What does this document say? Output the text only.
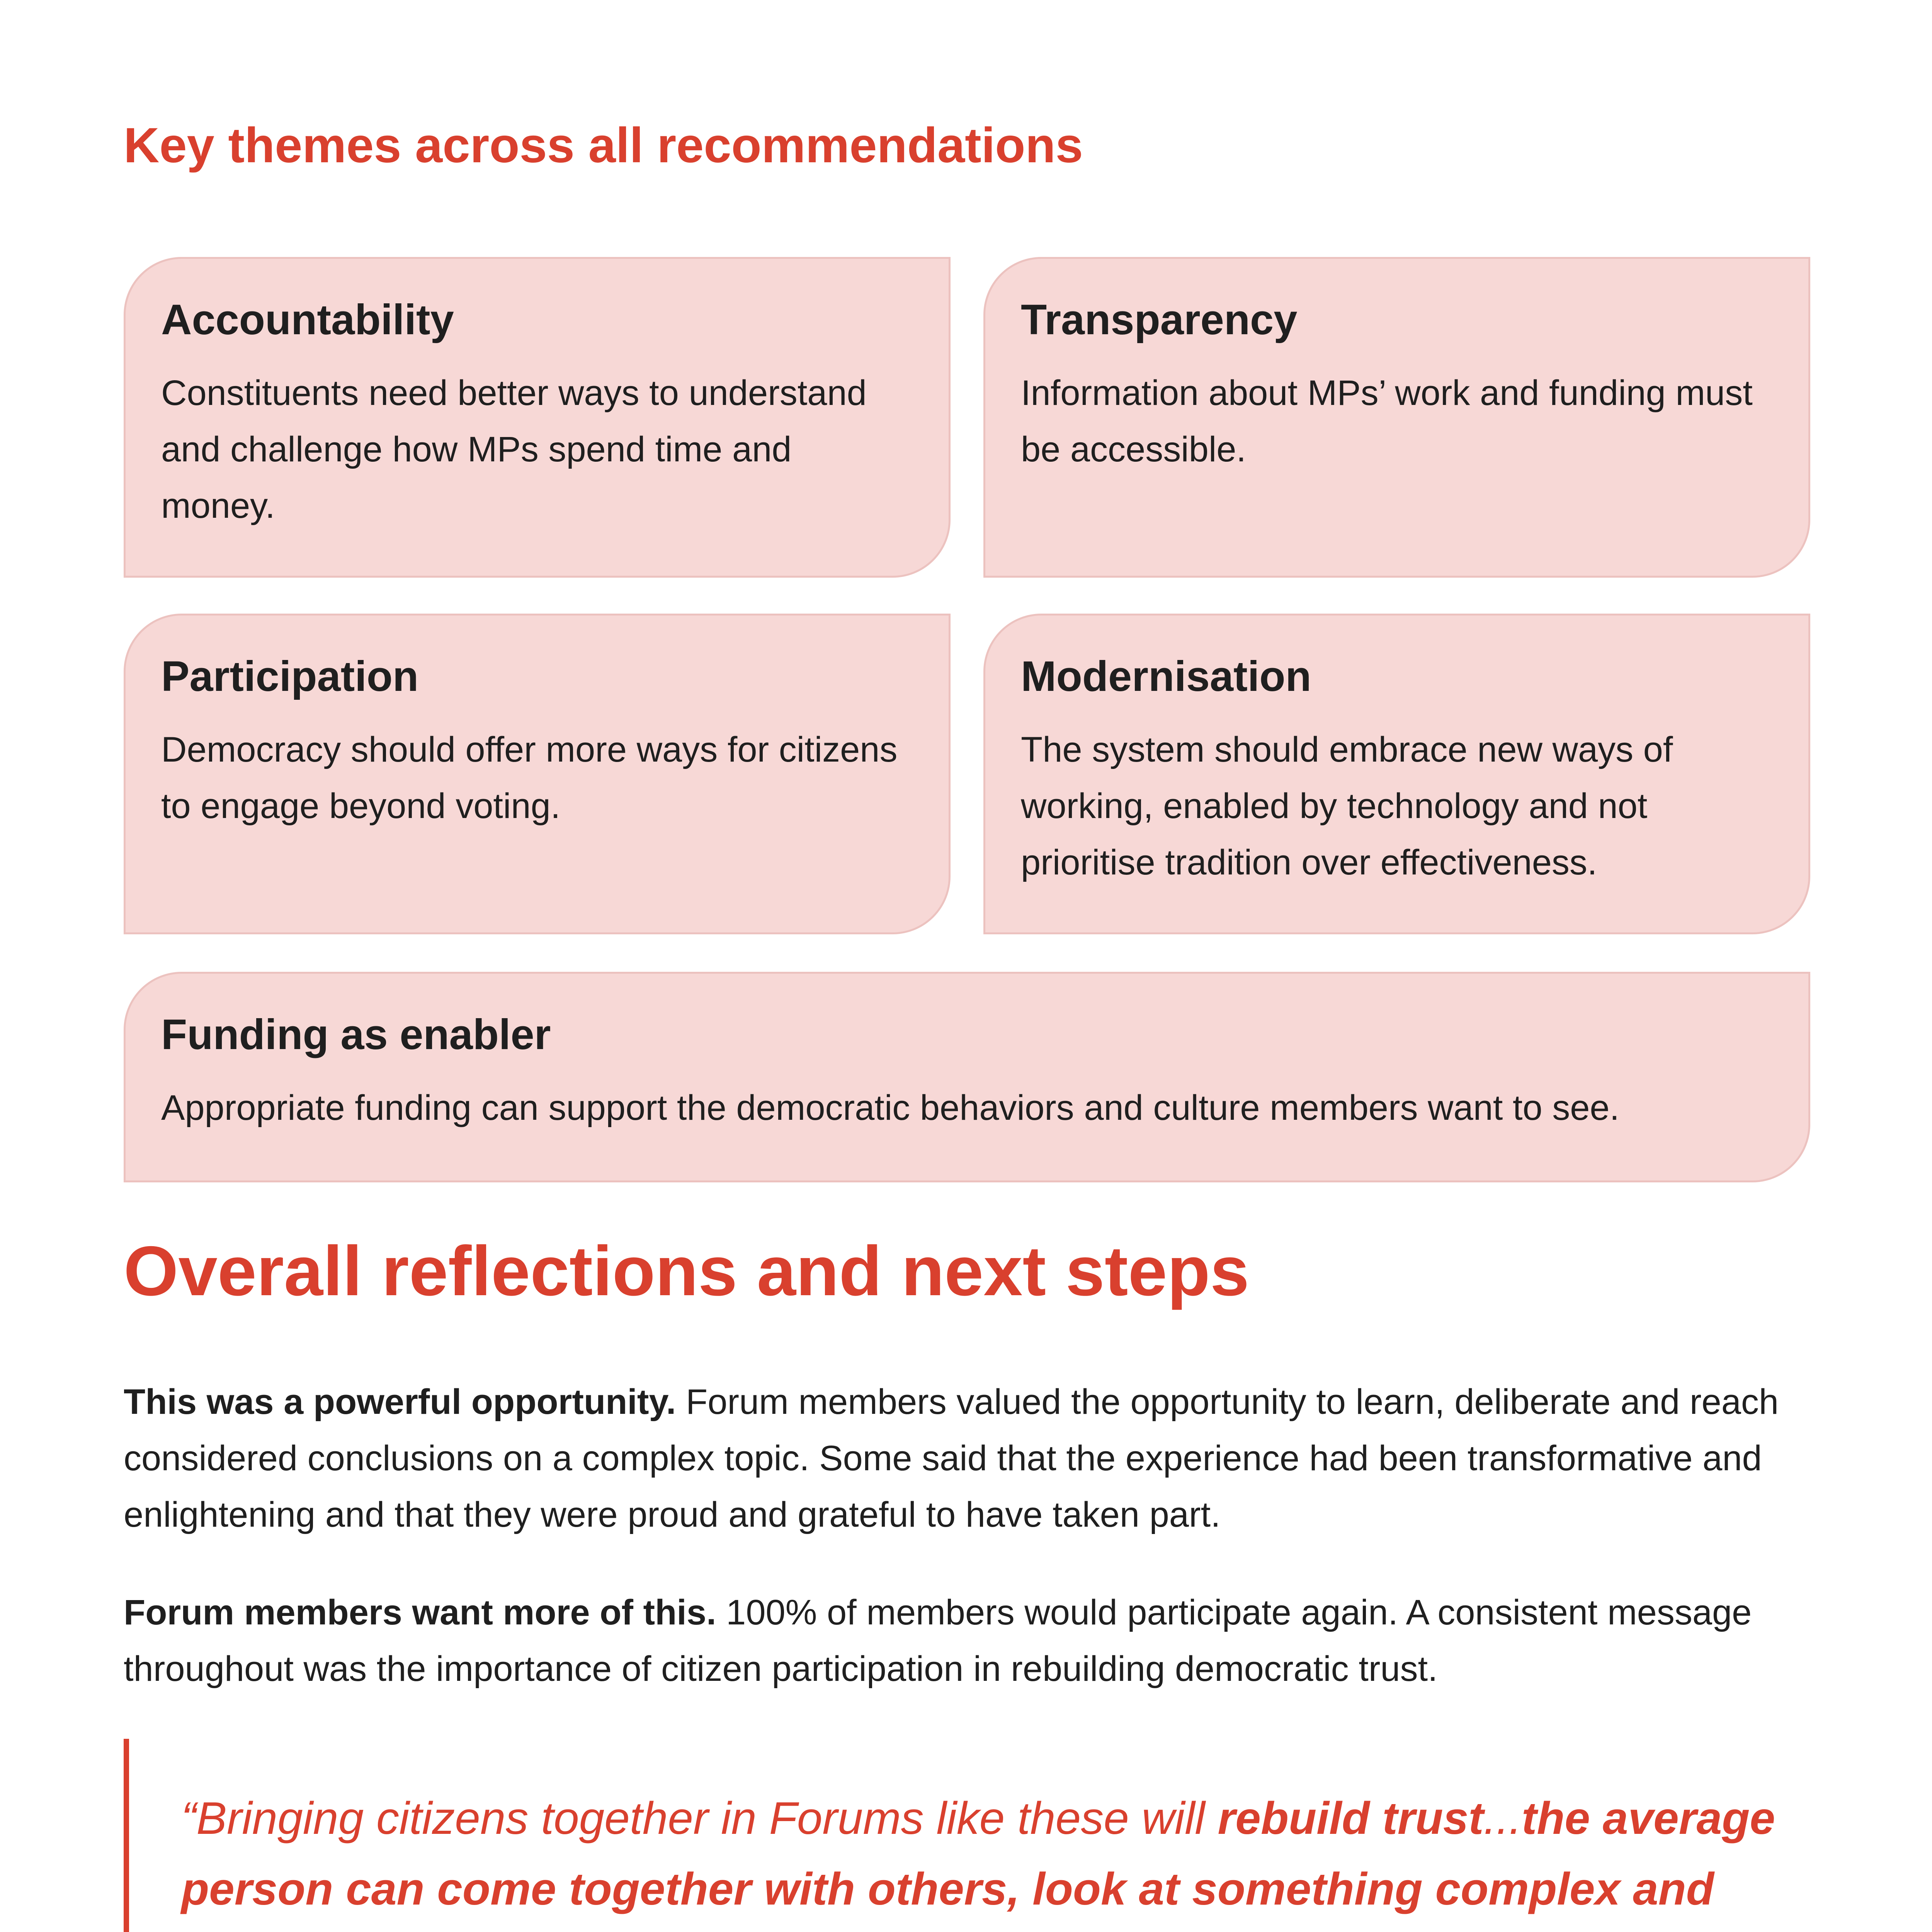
Key themes across all recommendations
Accountability

Constituents need better ways to understand and challenge how MPs spend time and money.

Transparency

Information about MPs’ work and funding must be accessible.

Participation

Democracy should offer more ways for citizens to engage beyond voting.

Modernisation

The system should embrace new ways of working, enabled by technology and not prioritise tradition over effectiveness.

Funding as enabler

Appropriate funding can support the democratic behaviors and culture members want to see.

Overall reflections and next steps

This was a powerful opportunity. Forum members valued the opportunity to learn, deliberate and reach considered conclusions on a complex topic. Some said that the experience had been transformative and enlightening and that they were proud and grateful to have taken part.

Forum members want more of this. 100% of members would participate again. A consistent message throughout was the importance of citizen participation in rebuilding democratic trust.

“Bringing citizens together in Forums like these will rebuild trust...the average person can come together with others, look at something complex and
